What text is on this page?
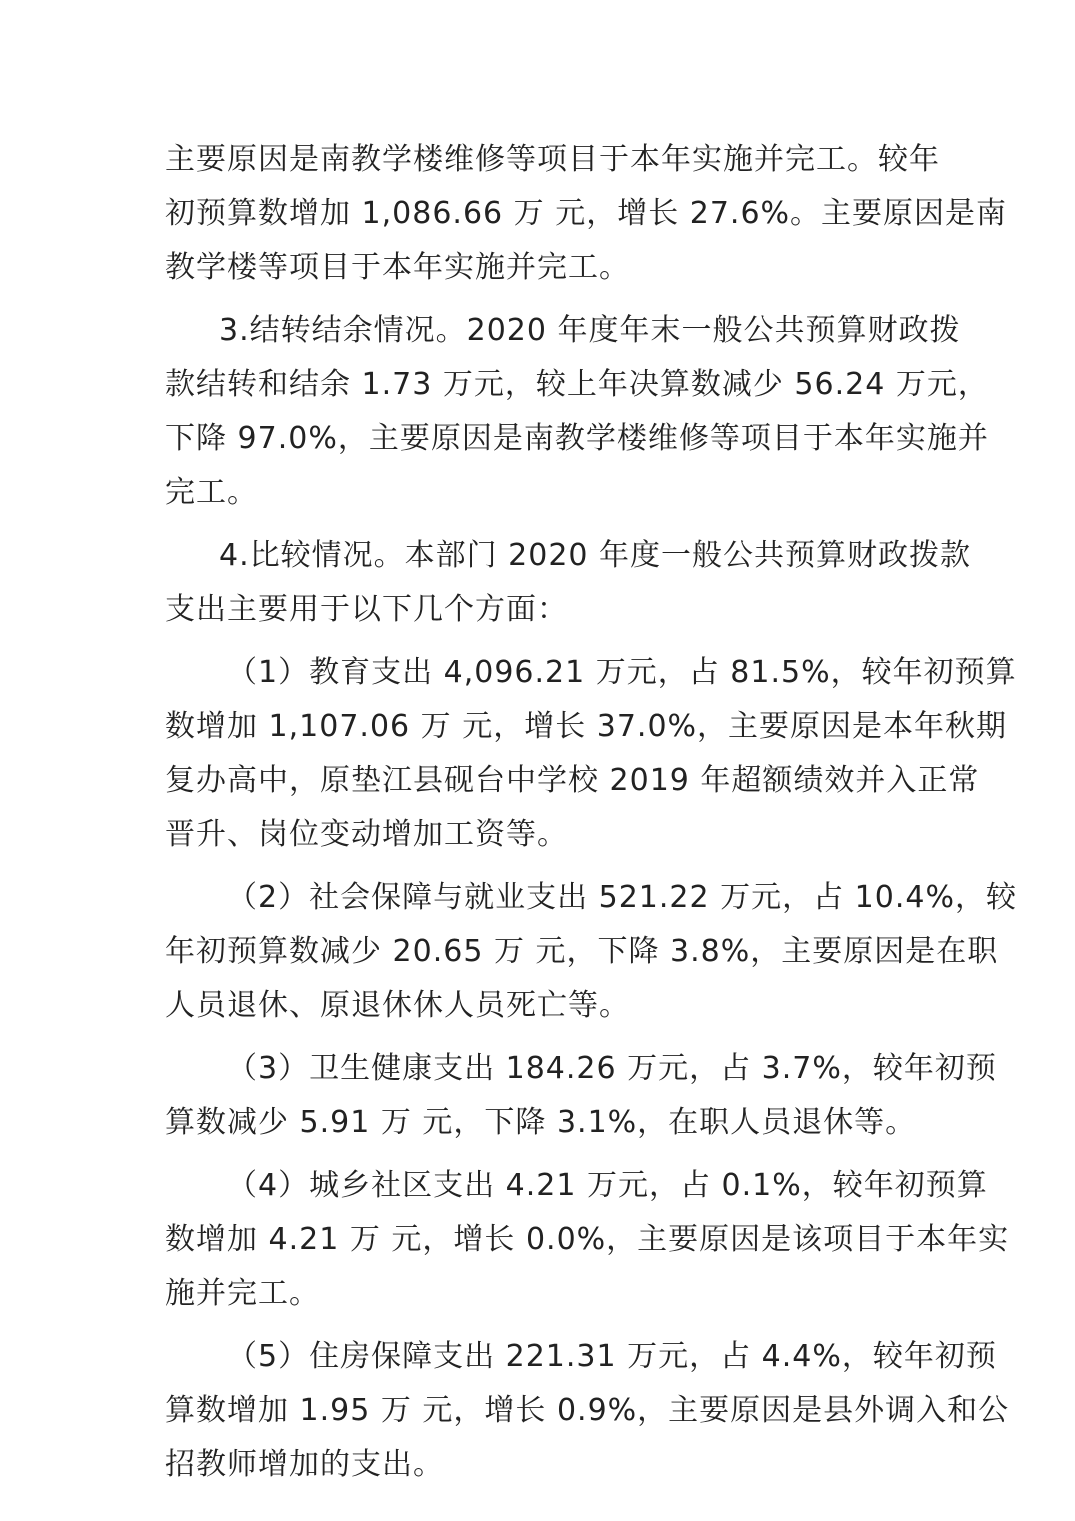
主要原因是南教学楼维修等项目于本年实施并完工。较年
初预算数增加 1,086.66 万 元，增长 27.6%。主要原因是南
教学楼等项目于本年实施并完工。

3.结转结余情况。2020 年度年末一般公共预算财政拨
款结转和结余 1.73 万元，较上年决算数减少 56.24 万元，
下降 97.0%，主要原因是南教学楼维修等项目于本年实施并
完工。

4.比较情况。本部门 2020 年度一般公共预算财政拨款
支出主要用于以下几个方面：

（1）教育支出 4,096.21 万元，占 81.5%，较年初预算
数增加 1,107.06 万 元，增长 37.0%，主要原因是本年秋期
复办高中，原垫江县砚台中学校 2019 年超额绩效并入正常
晋升、岗位变动增加工资等。

（2）社会保障与就业支出 521.22 万元，占 10.4%，较
年初预算数减少 20.65 万 元，下降 3.8%，主要原因是在职
人员退休、原退休休人员死亡等。

（3）卫生健康支出 184.26 万元，占 3.7%，较年初预
算数减少 5.91 万 元，下降 3.1%，在职人员退休等。

（4）城乡社区支出 4.21 万元，占 0.1%，较年初预算
数增加 4.21 万 元，增长 0.0%，主要原因是该项目于本年实
施并完工。

（5）住房保障支出 221.31 万元，占 4.4%，较年初预
算数增加 1.95 万 元，增长 0.9%，主要原因是县外调入和公
招教师增加的支出。
